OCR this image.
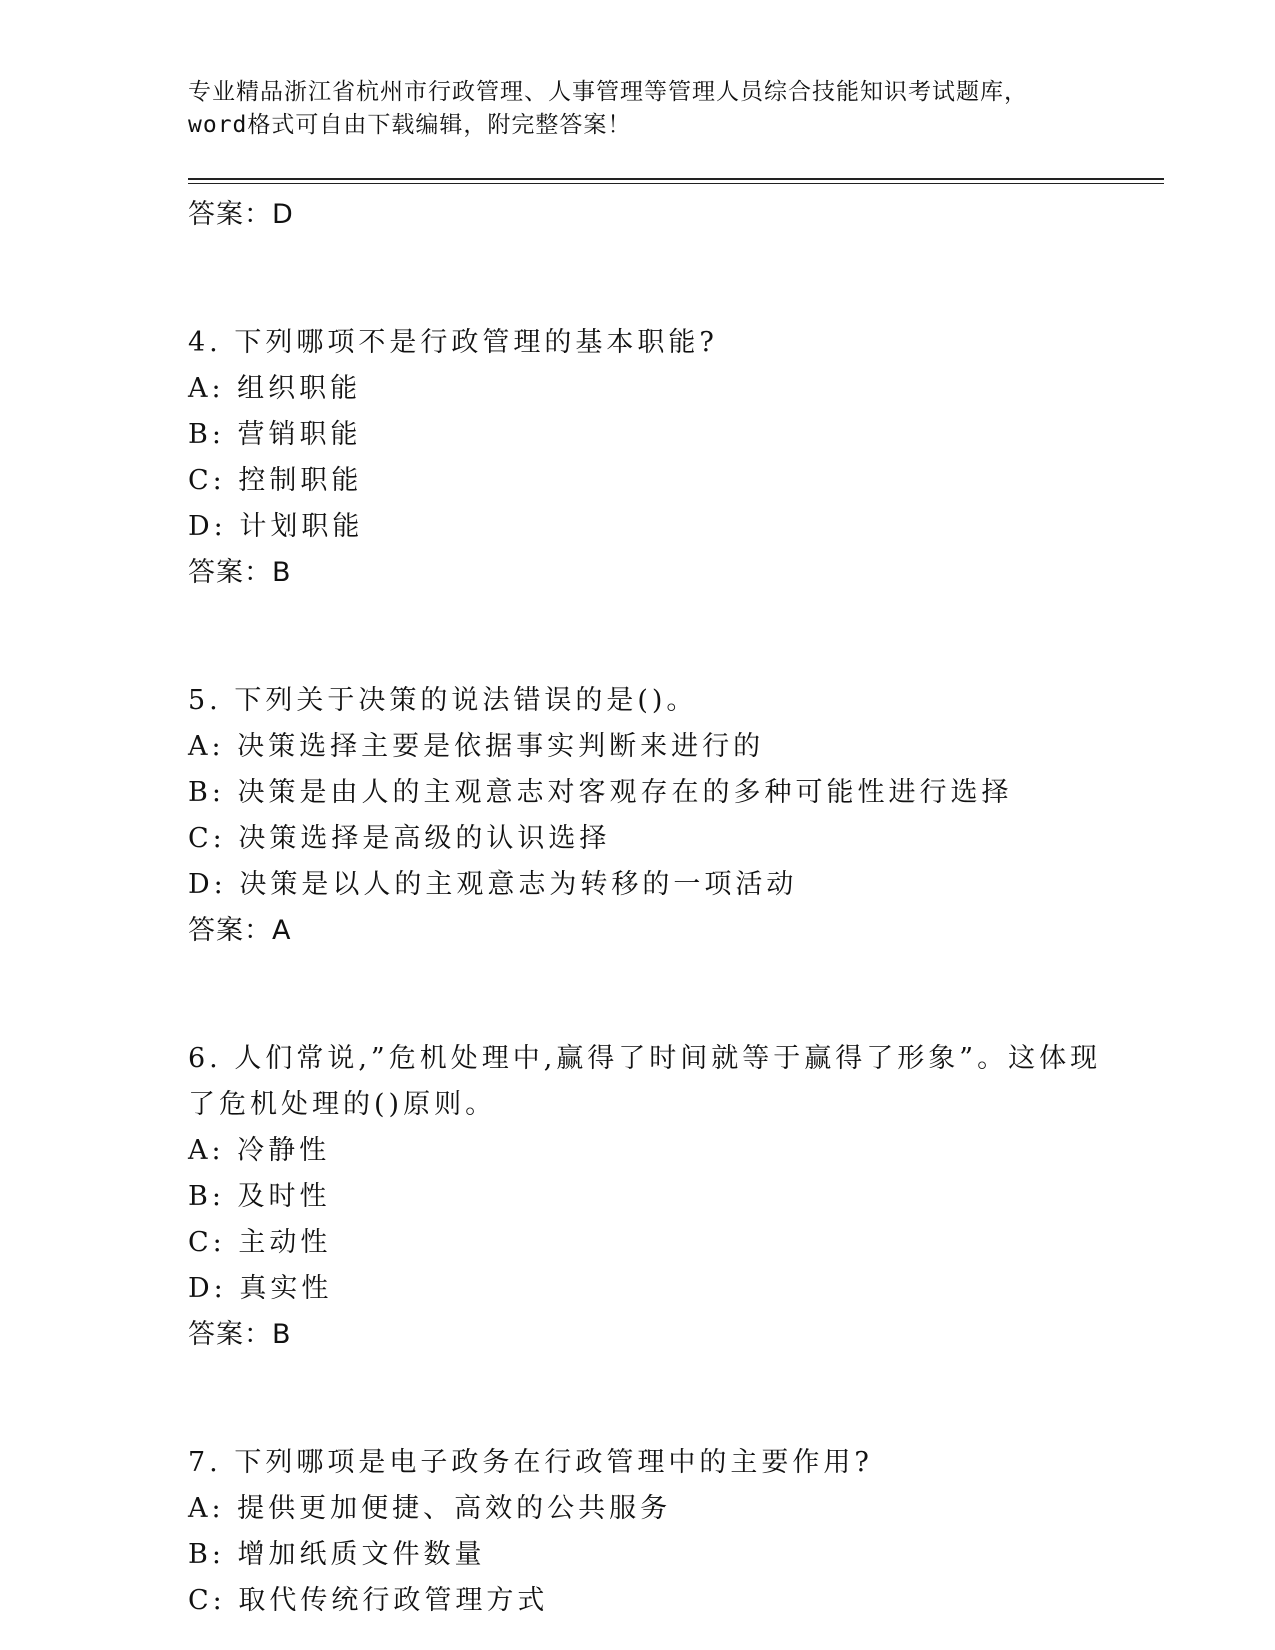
专业精品浙江省杭州市行政管理、人事管理等管理人员综合技能知识考试题库，
word格式可自由下载编辑，附完整答案！
答案：D
4. 下列哪项不是行政管理的基本职能?
A: 组织职能
B: 营销职能
C: 控制职能
D: 计划职能
答案：B
5. 下列关于决策的说法错误的是()。
A: 决策选择主要是依据事实判断来进行的
B: 决策是由人的主观意志对客观存在的多种可能性进行选择
C: 决策选择是高级的认识选择
D: 决策是以人的主观意志为转移的一项活动
答案：A
6. 人们常说,”危机处理中,赢得了时间就等于赢得了形象”。这体现
了危机处理的()原则。
A: 冷静性
B: 及时性
C: 主动性
D: 真实性
答案：B
7. 下列哪项是电子政务在行政管理中的主要作用?
A: 提供更加便捷、高效的公共服务
B: 增加纸质文件数量
C: 取代传统行政管理方式
